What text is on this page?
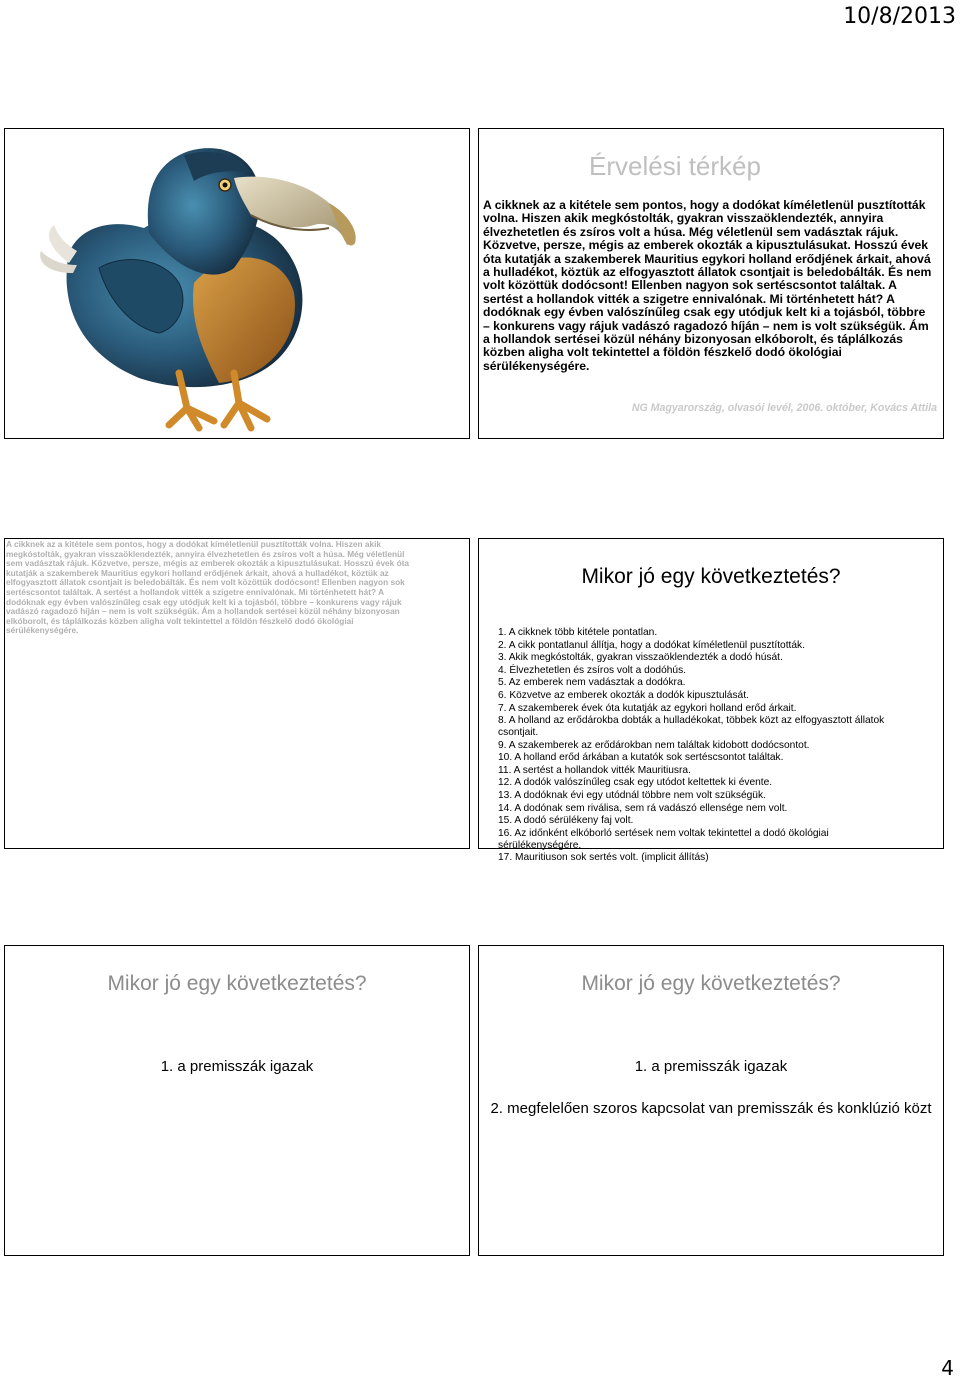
10/8/2013
Érvelési térkép
A cikknek az a kitétele sem pontos, hogy a dodókat kíméletlenül pusztították volna. Hiszen akik megkóstolták, gyakran visszaöklendezték, annyira élvezhetetlen és zsíros volt a húsa. Még véletlenül sem vadásztak rájuk. Közvetve, persze, mégis az emberek okozták a kipusztulásukat. Hosszú évek óta kutatják a szakemberek Mauritius egykori holland erődjének árkait, ahová a hulladékot, köztük az elfogyasztott állatok csontjait is beledobálták. És nem volt közöttük dodócsont! Ellenben nagyon sok sertéscsontot találtak. A sertést a hollandok vitték a szigetre ennivalónak. Mi történhetett hát? A dodóknak egy évben valószínűleg csak egy utódjuk kelt ki a tojásból, többre – konkurens vagy rájuk vadászó ragadozó híján – nem is volt szükségük. Ám a hollandok sertései közül néhány bizonyosan elkóborolt, és táplálkozás közben aligha volt tekintettel a földön fészkelő dodó ökológiai sérülékenységére.
NG Magyarország, olvasói levél, 2006. október, Kovács Attila
A cikknek az a kitétele sem pontos, hogy a dodókat kíméletlenül pusztították volna. Hiszen akik megkóstolták, gyakran visszaöklendezték, annyira élvezhetetlen és zsíros volt a húsa. Még véletlenül sem vadásztak rájuk. Közvetve, persze, mégis az emberek okozták a kipusztulásukat. Hosszú évek óta kutatják a szakemberek Mauritius egykori holland erődjének árkait, ahová a hulladékot, köztük az elfogyasztott állatok csontjait is beledobálták. És nem volt közöttük dodócsont! Ellenben nagyon sok sertéscsontot találtak. A sertést a hollandok vitték a szigetre ennivalónak. Mi történhetett hát? A dodóknak egy évben valószínűleg csak egy utódjuk kelt ki a tojásból, többre – konkurens vagy rájuk vadászó ragadozó híján – nem is volt szükségük. Ám a hollandok sertései közül néhány bizonyosan elkóborolt, és táplálkozás közben aligha volt tekintettel a földön fészkelő dodó ökológiai sérülékenységére.
Mikor jó egy következtetés?
1. A cikknek több kitétele pontatlan.
2. A cikk pontatlanul állítja, hogy a dodókat kíméletlenül pusztították.
3. Akik megkóstolták, gyakran visszaöklendezték a dodó húsát.
4. Élvezhetetlen és zsíros volt a dodóhús.
5. Az emberek nem vadásztak a dodókra.
6. Közvetve az emberek okozták a dodók kipusztulását.
7. A szakemberek évek óta kutatják az egykori holland erőd árkait.
8. A holland az erődárokba dobták a hulladékokat, többek közt az elfogyasztott állatok csontjait.
9. A szakemberek az erődárokban nem találtak kidobott dodócsontot.
10. A holland erőd árkában a kutatók sok sertéscsontot találtak.
11. A sertést a hollandok vitték Mauritiusra.
12. A dodók valószínűleg csak egy utódot keltettek ki évente.
13. A dodóknak évi egy utódnál többre nem volt szükségük.
14. A dodónak sem riválisa, sem rá vadászó ellensége nem volt.
15. A dodó sérülékeny faj volt.
16. Az időnként elkóborló sertések nem voltak tekintettel a dodó ökológiai sérülékenységére.
17. Mauritiuson sok sertés volt. (implicit állítás)
Mikor jó egy következtetés?
1. a premisszák igazak
Mikor jó egy következtetés?
1. a premisszák igazak
2. megfelelően szoros kapcsolat van premisszák és konklúzió közt
4
